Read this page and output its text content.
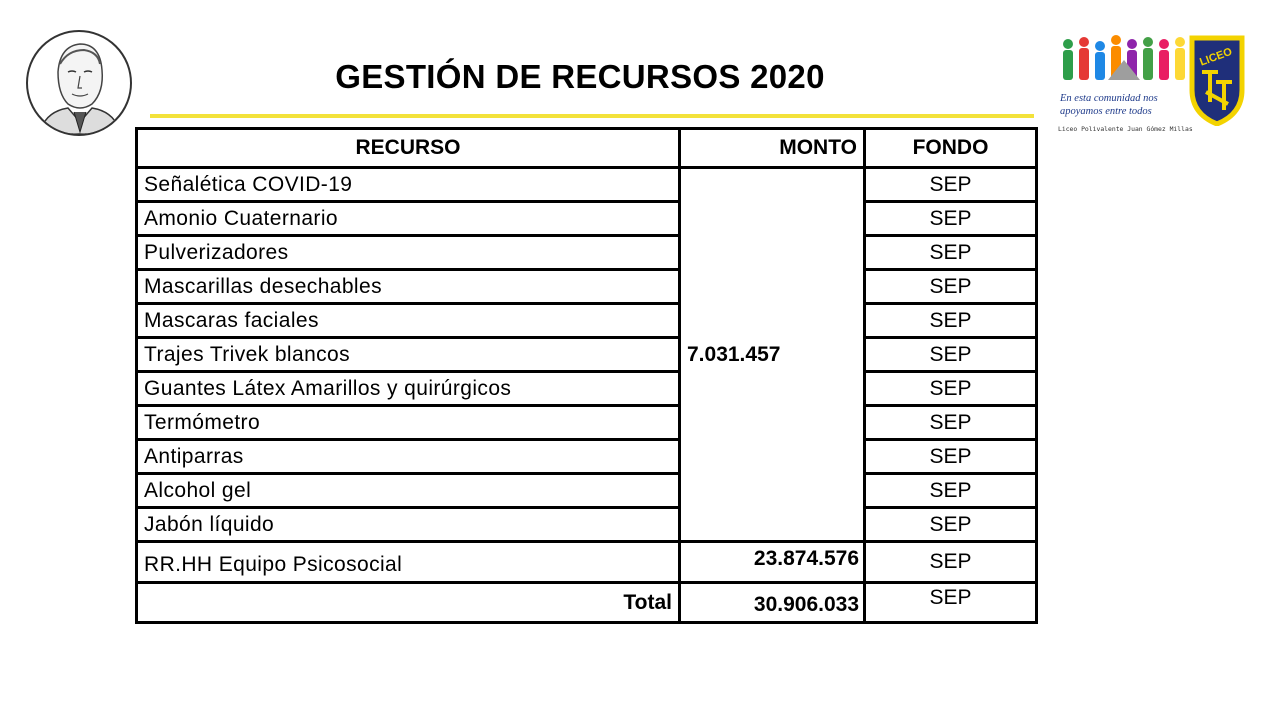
GESTIÓN DE RECURSOS 2020
En esta comunidad nos
apoyamos entre todos
Liceo Polivalente Juan Gómez Millas
LICEO
RECURSO	MONTO	FONDO
Señalética COVID-19	7.031.457	SEP
Amonio Cuaternario		SEP
Pulverizadores		SEP
Mascarillas desechables		SEP
Mascaras faciales		SEP
Trajes Trivek blancos		SEP
Guantes Látex Amarillos y quirúrgicos		SEP
Termómetro		SEP
Antiparras		SEP
Alcohol gel		SEP
Jabón líquido		SEP
RR.HH Equipo Psicosocial	23.874.576	SEP
Total	30.906.033	SEP
